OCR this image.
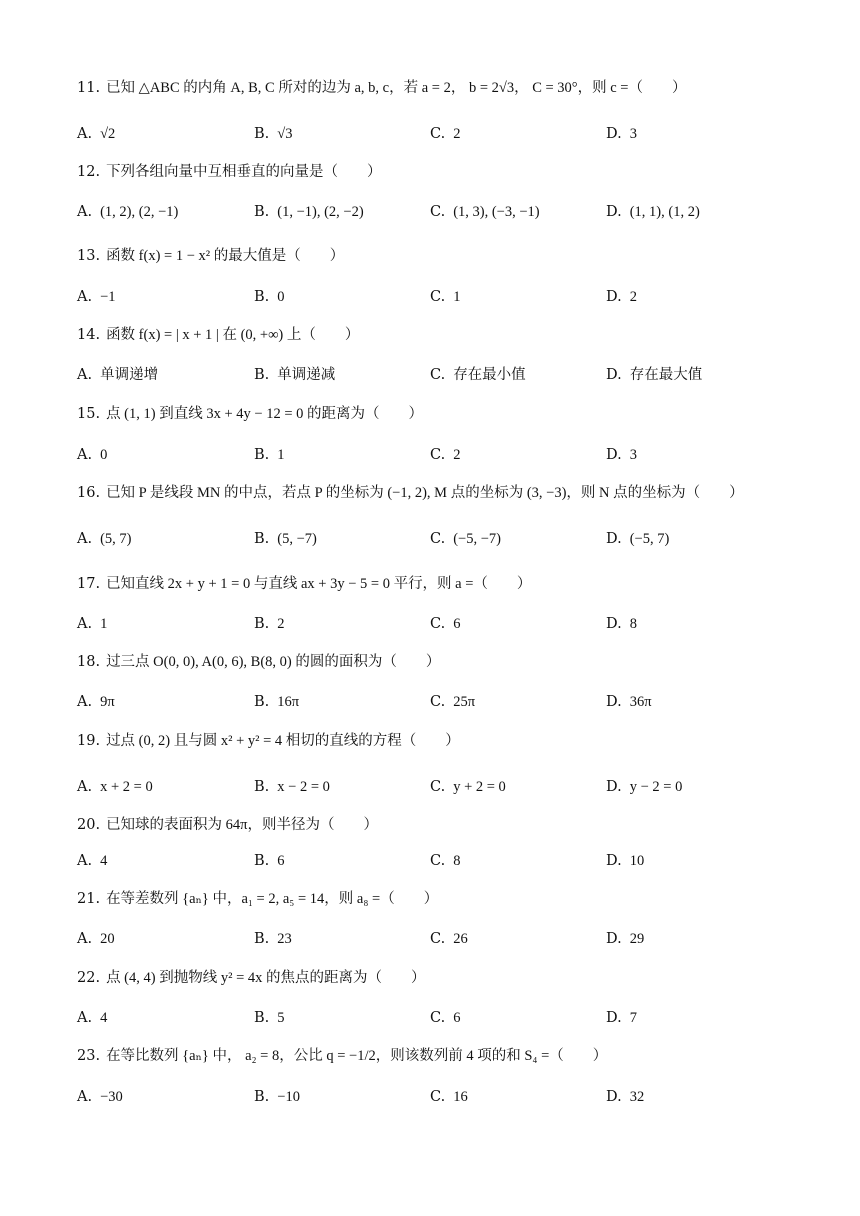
11. 已知 △ABC 的内角 A, B, C 所对的边为 a, b, c，若 a = 2， b = 2√3， C = 30°，则 c =（　　）
A. √2	B. √3	C. 2	D. 3
12. 下列各组向量中互相垂直的向量是（　　）
A. (1, 2), (2, −1)	B. (1, −1), (2, −2)	C. (1, 3), (−3, −1)	D. (1, 1), (1, 2)
13. 函数 f(x) = 1 − x² 的最大值是（　　）
A. −1	B. 0	C. 1	D. 2
14. 函数 f(x) = | x + 1 | 在 (0, +∞) 上（　　）
A. 单调递增	B. 单调递减	C. 存在最小值	D. 存在最大值
15. 点 (1, 1) 到直线 3x + 4y − 12 = 0 的距离为（　　）
A. 0	B. 1	C. 2	D. 3
16. 已知 P 是线段 MN 的中点，若点 P 的坐标为 (−1, 2), M 点的坐标为 (3, −3)，则 N 点的坐标为（　　）
A. (5, 7)	B. (5, −7)	C. (−5, −7)	D. (−5, 7)
17. 已知直线 2x + y + 1 = 0 与直线 ax + 3y − 5 = 0 平行，则 a =（　　）
A. 1	B. 2	C. 6	D. 8
18. 过三点 O(0, 0), A(0, 6), B(8, 0) 的圆的面积为（　　）
A. 9π	B. 16π	C. 25π	D. 36π
19. 过点 (0, 2) 且与圆 x² + y² = 4 相切的直线的方程（　　）
A. x + 2 = 0	B. x − 2 = 0	C. y + 2 = 0	D. y − 2 = 0
20. 已知球的表面积为 64π，则半径为（　　）
A. 4	B. 6	C. 8	D. 10
21. 在等差数列 {aₙ} 中，a₁ = 2, a₅ = 14，则 a₈ =（　　）
A. 20	B. 23	C. 26	D. 29
22. 点 (4, 4) 到抛物线 y² = 4x 的焦点的距离为（　　）
A. 4	B. 5	C. 6	D. 7
23. 在等比数列 {aₙ} 中， a₂ = 8，公比 q = −1/2，则该数列前 4 项的和 S₄ =（　　）
A. −30	B. −10	C. 16	D. 32
